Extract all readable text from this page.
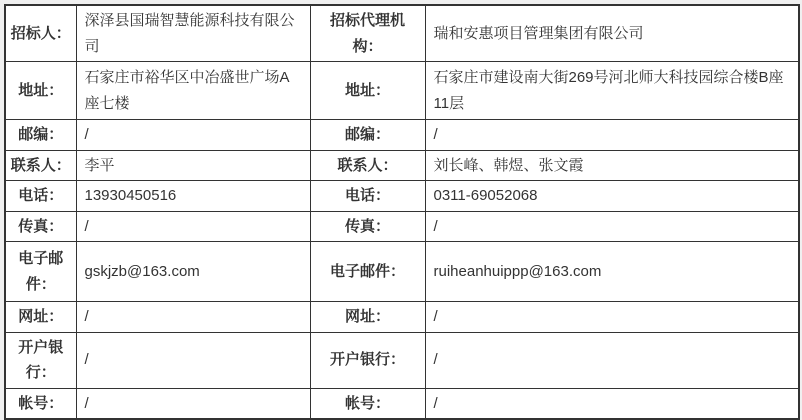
招标人：	深泽县国瑞智慧能源科技有限公司	招标代理机构：	瑞和安惠项目管理集团有限公司
地址：	石家庄市裕华区中冶盛世广场A座七楼	地址：	石家庄市建设南大街269号河北师大科技园综合楼B座11层
邮编：	/	邮编：	/
联系人：	李平	联系人：	刘长峰、韩煜、张文霞
电话：	13930450516	电话：	0311-69052068
传真：	/	传真：	/
电子邮件：	gskjzb@163.com	电子邮件：	ruiheanhuippp@163.com
网址：	/	网址：	/
开户银行：	/	开户银行：	/
帐号：	/	帐号：	/
